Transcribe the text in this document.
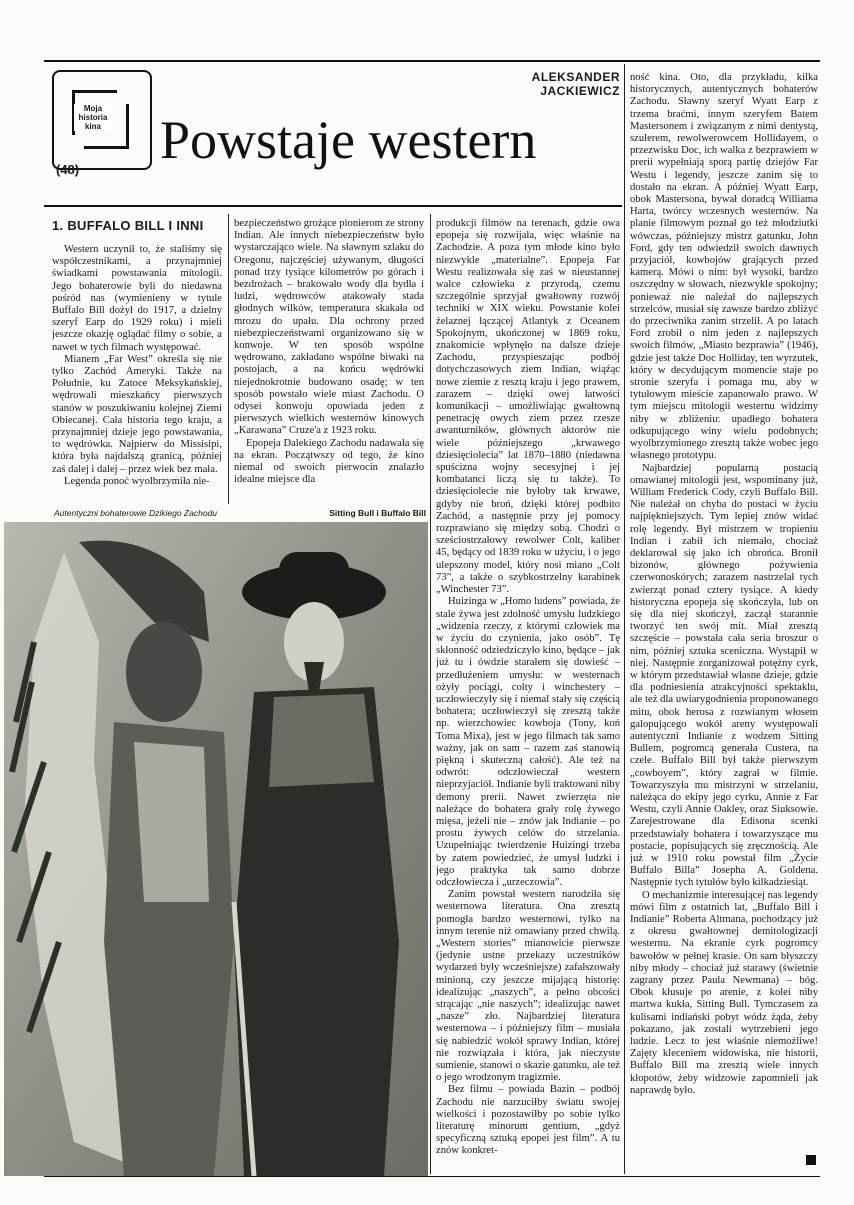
Moja historia kina
(48)
ALEKSANDER
JACKIEWICZ
Powstaje western
1. BUFFALO BILL I INNI

Western uczynił to, że staliśmy się współczestnikami, a przynajmniej świadkami powstawania mitologii. Jego bohaterowie byli do niedawna pośród nas (wymienieny w tytule Buffalo Bill dożył do 1917, a dzielny szeryf Earp do 1929 roku) i mieli jeszcze okazję oglądać filmy o sobie, a nawet w tych filmach występować.

Mianem „Far West” określa się nie tylko Zachód Ameryki. Także na Południe, ku Zatoce Meksykańskiej, wędrowali mieszkańcy pierwszych stanów w poszukiwaniu kolejnej Ziemi Obiecanej. Cała historia tego kraju, a przynajmniej dzieje jego powstawania, to wędrówka. Najpierw do Missisipi, która była najdalszą granicą, później zaś dalej i dalej – przez wiek bez mała.

Legenda ponoć wyolbrzymiła nie-

bezpieczeństwo grożące pionierom ze strony Indian. Ale innych niebezpieczeństw było wystarczająco wiele. Na sławnym szlaku do Oregonu, najczęściej używanym, długości ponad trzy tysiące kilometrów po górach i bezdrożach – brakowało wody dla bydła i ludzi, wędrowców atakowały stada głodnych wilków, temperatura skakała od mrozu do upału. Dla ochrony przed niebezpieczeństwami organizowano się w konwoje. W ten sposób wspólne wędrowano, zakładano wspólne biwaki na postojach, a na końcu wędrówki niejednokrotnie budowano osadę; w ten sposób powstało wiele miast Zachodu. O odysei konwoju opowiada jeden z pierwszych wielkich westernów kinowych „Karawana” Cruze'a z 1923 roku.

Epopeja Dalekiego Zachodu nadawała się na ekran. Początwszy od tego, że kino niemal od swoich pierwocin znalazło idealne miejsce dla

produkcji filmów na terenach, gdzie owa epopeja się rozwijała, więc właśnie na Zachodzie. A poza tym młode kino było niezwykle „materialne”. Epopeja Far Westu realizowała się zaś w nieustannej walce człowieka z przyrodą, czemu szczególnie sprzyjał gwałtowny rozwój techniki w XIX wieku. Powstanie kolei żelaznej łączącej Atlantyk z Oceanem Spokojnym, ukończonej w 1869 roku, znakomicie wpłynęło na dalsze dzieje Zachodu, przyspieszając podbój dotychczasowych ziem Indian, wiążąc nowe ziemie z resztą kraju i jego prawem, zarazem – dzięki owej łatwości komunikacji – umożliwiając gwałtowną penetrację owych ziem przez rzesze awanturników, głównych aktorów nie wiele późniejszego „krwawego dziesięciolecia” lat 1870–1880 (niedawna spuścizna wojny secesyjnej i jej kombatanci liczą się tu także). To dziesięciolecie nie byłoby tak krwawe, gdyby nie broń, dzięki której podbito Zachód, a następnie przy jej pomocy rozprawiano się między sobą. Chodzi o sześciostrzałowy rewolwer Colt, kaliber 45, będący od 1839 roku w użyciu, i o jego ulepszony model, który nosi miano „Colt 73”, a także o szybkostrzelny karabinek „Winchester 73”.

Huizinga w „Homo ludens” powiada, że stale żywa jest zdolność umysłu ludzkiego „widzenia rzeczy, z którymi człowiek ma w życiu do czynienia, jako osób”. Tę skłonność odziedziczyło kino, będące – jak już tu i ówdzie starałem się dowieść – przedłużeniem umysłu: w westernach ożyły pociągi, colty i winchestery – uczłowieczyły się i niemal stały się częścią bohatera; uczłowieczył się zresztą także np. wierzchowiec kowboja (Tony, koń Toma Mixa), jest w jego filmach tak samo ważny, jak on sam – razem zaś stanowią piękną i skuteczną całość). Ale też na odwrót: odczłowieczał western nieprzyjaciół. Indianie byli traktowani niby demony prerii. Nawet zwierzęta nie należące do bohatera grały rolę żywego mięsa, jeżeli nie – znów jak Indianie – po prostu żywych celów do strzelania. Uzupełniając twierdzenie Huizingi trzeba by zatem powiedzieć, że umysł ludzki i jego praktyka tak samo dobrze odczłowiecza i „urzeczowia”.

Zanim powstał western narodziła się westernowa literatura. Ona zresztą pomogła bardzo westernowi, tylko na innym terenie niż omawiany przed chwilą. „Western stories” mianowicie pierwsze (jedynie ustne przekazy uczestników wydarzeń były wcześniejsze) zafałszowały minioną, czy jeszcze mijającą historię: idealizując „naszych”, a pełno obcości strącając „nie naszych”; idealizując nawet „nasze” zło. Najbardziej literatura westernowa – i późniejszy film – musiała się nabiedzić wokół sprawy Indian, której nie rozwiązała i która, jak nieczyste sumienie, stanowi o skazie gatunku, ale też o jego wrodzonym tragizmie.

Bez filmu – powiada Bazin – podbój Zachodu nie narzuciłby światu swojej wielkości i pozostawiłby po sobie tylko literaturę minorum gentium, „gdyż specyficzną sztuką epopei jest film”. A tu znów konkret-

ność kina. Oto, dla przykładu, kilka historycznych, autentycznych bohaterów Zachodu. Sławny szeryf Wyatt Earp z trzema braćmi, innym szeryfem Batem Mastersonem i związanym z nimi dentystą, szulerem, rewolwerowcem Hollidayem, o przezwisku Doc, ich walka z bezprawiem w prerii wypełniają sporą partię dziejów Far Westu i legendy, jeszcze zanim się to dostało na ekran. A później Wyatt Earp, obok Mastersona, bywał doradcą Williama Harta, twórcy wczesnych westernów. Na planie filmowym poznał go też młodziutki wówczas, późniejszy mistrz gatunku, John Ford, gdy ten odwiedził swoich dawnych przyjaciół, kowbojów grających przed kamerą. Mówi o nim: był wysoki, bardzo oszczędny w słowach, niezwykle spokojny; ponieważ nie należał do najlepszych strzelców, musiał się zawsze bardzo zbliżyć do przeciwnika zanim strzelił. A po latach Ford zrobił o nim jeden z najlepszych swoich filmów, „Miasto bezprawia” (1946), gdzie jest także Doc Holliday, ten wyrzutek, który w decydującym momencie staje po stronie szeryfa i pomaga mu, aby w tytułowym mieście zapanowało prawo. W tym miejscu mitologii westernu widzimy niby w zbliżeniu: upadłego bohatera odkupującego winy wielu podobnych; wyolbrzymionego zresztą także wobec jego własnego prototypu.

Najbardziej popularną postacią omawianej mitologii jest, wspominany już, William Frederick Cody, czyli Buffalo Bill. Nie należał on chyba do postaci w życiu najpiękniejszych. Tym lepiej znów widać rolę legendy. Był mistrzem w tropieniu Indian i zabił ich niemało, chociaż deklarował się jako ich obrońca. Bronił bizonów, głównego pożywienia czerwonoskórych; zarazem nastrzelał tych zwierząt ponad cztery tysiące. A kiedy historyczna epopeja się skończyła, lub on się dla niej skończył, zaczął starannie tworzyć ten swój mit. Miał zresztą szczęście – powstała cała seria broszur o nim, później sztuka sceniczna. Wystąpił w niej. Następnie zorganizował potężny cyrk, w którym przedstawiał własne dzieje, gdzie dla podniesienia atrakcyjności spektaklu, ale też dla uwiarygodnienia proponowanego mitu, obok herosa z rozwianym włosem galopującego wokół areny występowali autentyczni Indianie z wodzem Sitting Bullem, pogromcą generała Custera, na czele. Buffalo Bill był także pierwszym „cowboyem”, który zagrał w filmie. Towarzyszyła mu mistrzyni w strzelaniu, należąca do ekipy jego cyrku, Annie z Far Westu, czyli Annie Oakley, oraz Siuksowie. Zarejestrowane dla Edisona scenki przedstawiały bohatera i towarzyszące mu postacie, popisujących się zręcznością. Ale już w 1910 roku powstał film „Życie Buffalo Billa” Josepha A. Goldena. Następnie tych tytułów było kilkadziesiąt.

O mechanizmie interesującej nas legendy mówi film z ostatnich lat, „Buffalo Bill i Indianie” Roberta Altmana, pochodzący już z okresu gwałtownej demitologizacji westernu. Na ekranie cyrk pogromcy bawołów w pełnej krasie. On sam błyszczy niby młody – chociaż już starawy (świetnie zagrany przez Paula Newmana) – bóg. Obok kłusuje po arenie, z kolei niby martwa kukła, Sitting Bull. Tymczasem za kulisami indiański pobyt wódz żąda, żeby pokazano, jak zostali wytrzebieni jego ludzie. Lecz to jest właśnie niemożliwe! Zajęty kleceniem widowiska, nie historii, Buffalo Bill ma zresztą wiele innych kłopotów, żeby widzowie zapomnieli jak naprawdę było.

Autentyczni bohaterowie Dzikiego Zachodu	Sitting Bull i Buffalo Bill
